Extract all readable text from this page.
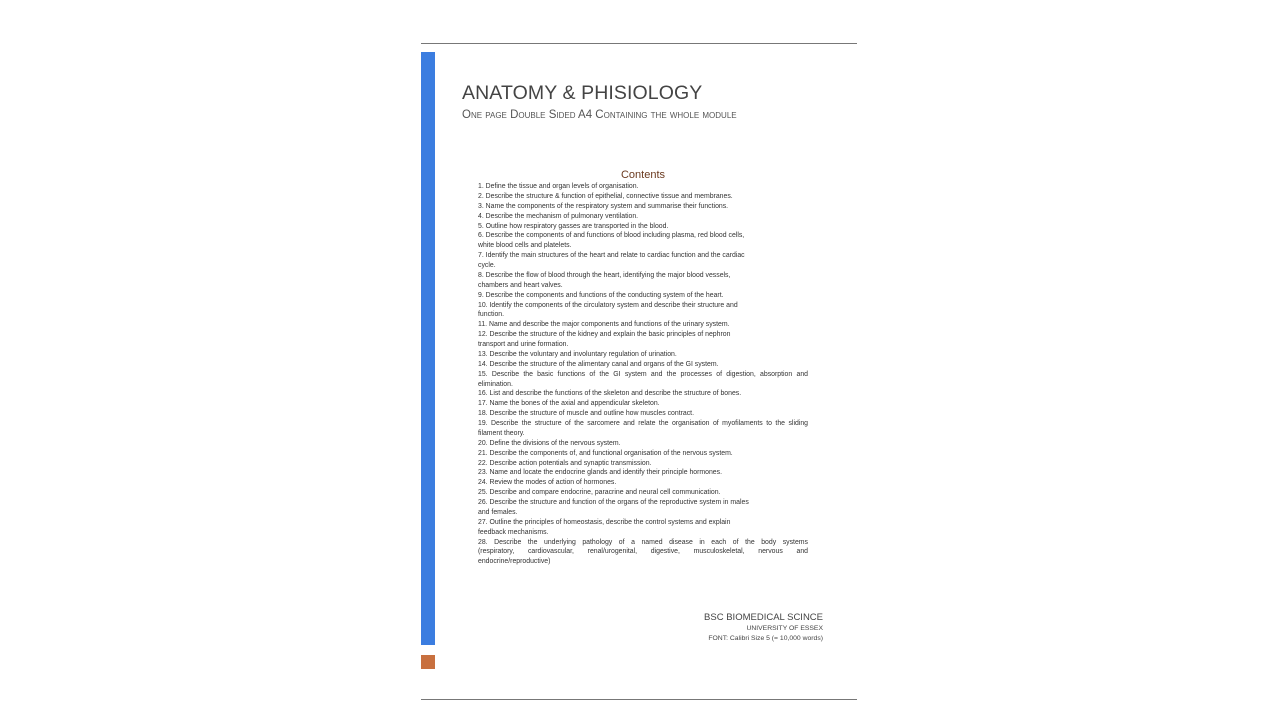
ANATOMY & PHISIOLOGY
One page Double Sided A4 Containing the whole module
Contents
1. Define the tissue and organ levels of organisation.
2. Describe the structure & function of epithelial, connective tissue and membranes.
3. Name the components of the respiratory system and summarise their functions.
4. Describe the mechanism of pulmonary ventilation.
5. Outline how respiratory gasses are transported in the blood.
6. Describe the components of and functions of blood including plasma, red blood cells,
white blood cells and platelets.
7. Identify the main structures of the heart and relate to cardiac function and the cardiac
cycle.
8. Describe the flow of blood through the heart, identifying the major blood vessels,
chambers and heart valves.
9. Describe the components and functions of the conducting system of the heart.
10. Identify the components of the circulatory system and describe their structure and
function.
11. Name and describe the major components and functions of the urinary system.
12. Describe the structure of the kidney and explain the basic principles of nephron
transport and urine formation.
13. Describe the voluntary and involuntary regulation of urination.
14. Describe the structure of the alimentary canal and organs of the GI system.
15. Describe the basic functions of the GI system and the processes of digestion, absorption and
elimination.
16. List and describe the functions of the skeleton and describe the structure of bones.
17. Name the bones of the axial and appendicular skeleton.
18. Describe the structure of muscle and outline how muscles contract.
19. Describe the structure of the sarcomere and relate the organisation of myofilaments to the sliding
filament theory.
20. Define the divisions of the nervous system.
21. Describe the components of, and functional organisation of the nervous system.
22. Describe action potentials and synaptic transmission.
23. Name and locate the endocrine glands and identify their principle hormones.
24. Review the modes of action of hormones.
25. Describe and compare endocrine, paracrine and neural cell communication.
26. Describe the structure and function of the organs of the reproductive system in males
and females.
27. Outline the principles of homeostasis, describe the control systems and explain
feedback mechanisms.
28. Describe the underlying pathology of a named disease in each of the body systems
(respiratory, cardiovascular, renal/urogenital, digestive, musculoskeletal, nervous and
endocrine/reproductive)
BSC BIOMEDICAL SCINCE
UNIVERSITY OF ESSEX
FONT: Calibri Size 5 (= 10,000 words)
